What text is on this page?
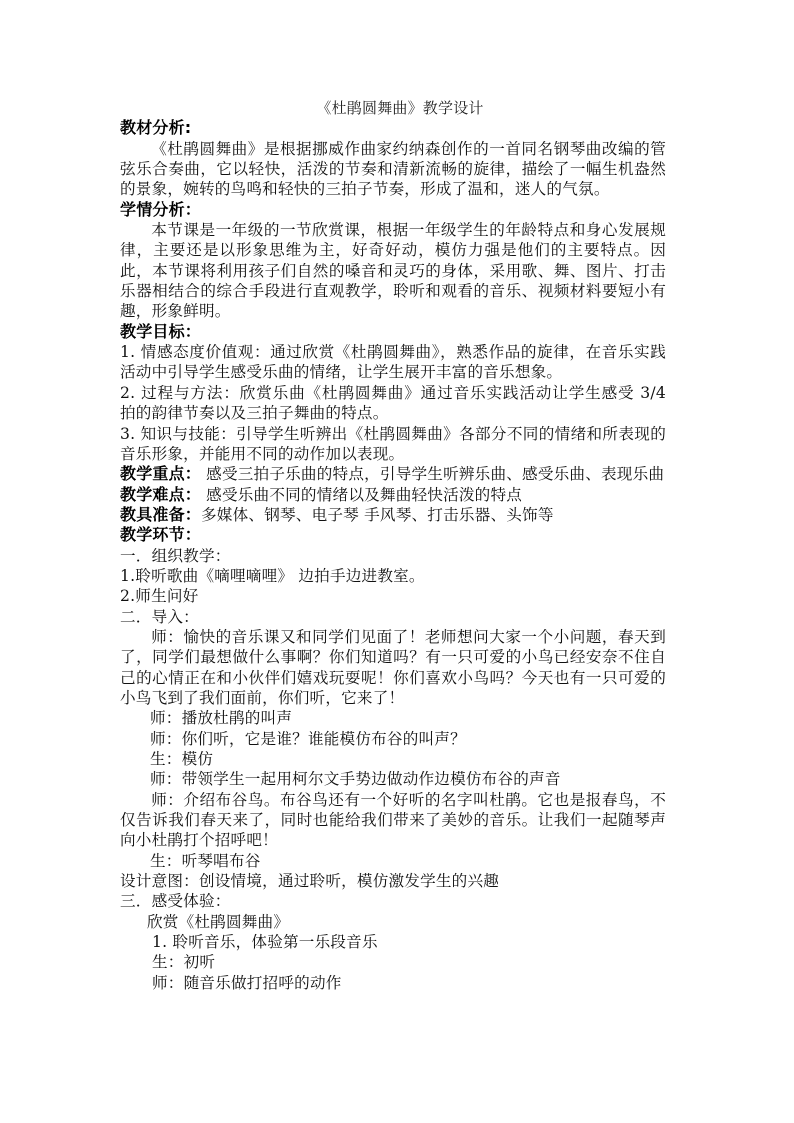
《杜鹃圆舞曲》教学设计
教材分析:
《杜鹃圆舞曲》是根据挪威作曲家约纳森创作的一首同名钢琴曲改编的管弦乐合奏曲，它以轻快，活泼的节奏和清新流畅的旋律，描绘了一幅生机盎然的景象，婉转的鸟鸣和轻快的三拍子节奏，形成了温和，迷人的气氛。
学情分析：
本节课是一年级的一节欣赏课，根据一年级学生的年龄特点和身心发展规律，主要还是以形象思维为主，好奇好动，模仿力强是他们的主要特点。因此，本节课将利用孩子们自然的嗓音和灵巧的身体，采用歌、舞、图片、打击乐器相结合的综合手段进行直观教学，聆听和观看的音乐、视频材料要短小有趣，形象鲜明。
教学目标：
1. 情感态度价值观：通过欣赏《杜鹃圆舞曲》，熟悉作品的旋律，在音乐实践活动中引导学生感受乐曲的情绪，让学生展开丰富的音乐想象。
2. 过程与方法：欣赏乐曲《杜鹃圆舞曲》通过音乐实践活动让学生感受 3/4 拍的韵律节奏以及三拍子舞曲的特点。
3. 知识与技能：引导学生听辨出《杜鹃圆舞曲》各部分不同的情绪和所表现的音乐形象，并能用不同的动作加以表现。
教学重点： 感受三拍子乐曲的特点，引导学生听辨乐曲、感受乐曲、表现乐曲
教学难点： 感受乐曲不同的情绪以及舞曲轻快活泼的特点
教具准备：多媒体、钢琴、电子琴 手风琴、打击乐器、头饰等
教学环节：
一．组织教学：
1.聆听歌曲《嘀哩嘀哩》 边拍手边进教室。
2.师生问好
二．导入：
师：愉快的音乐课又和同学们见面了！老师想问大家一个小问题，春天到了，同学们最想做什么事啊？你们知道吗？有一只可爱的小鸟已经安奈不住自己的心情正在和小伙伴们嬉戏玩耍呢！你们喜欢小鸟吗？今天也有一只可爱的小鸟飞到了我们面前，你们听，它来了！
师：播放杜鹃的叫声
师：你们听，它是谁？谁能模仿布谷的叫声？
生：模仿
师：带领学生一起用柯尔文手势边做动作边模仿布谷的声音
师：介绍布谷鸟。布谷鸟还有一个好听的名字叫杜鹃。它也是报春鸟，不仅告诉我们春天来了，同时也能给我们带来了美妙的音乐。让我们一起随琴声向小杜鹃打个招呼吧！
生：听琴唱布谷
设计意图：创设情境，通过聆听，模仿激发学生的兴趣
三．感受体验：
欣赏《杜鹃圆舞曲》
1. 聆听音乐，体验第一乐段音乐
生：初听
师：随音乐做打招呼的动作
